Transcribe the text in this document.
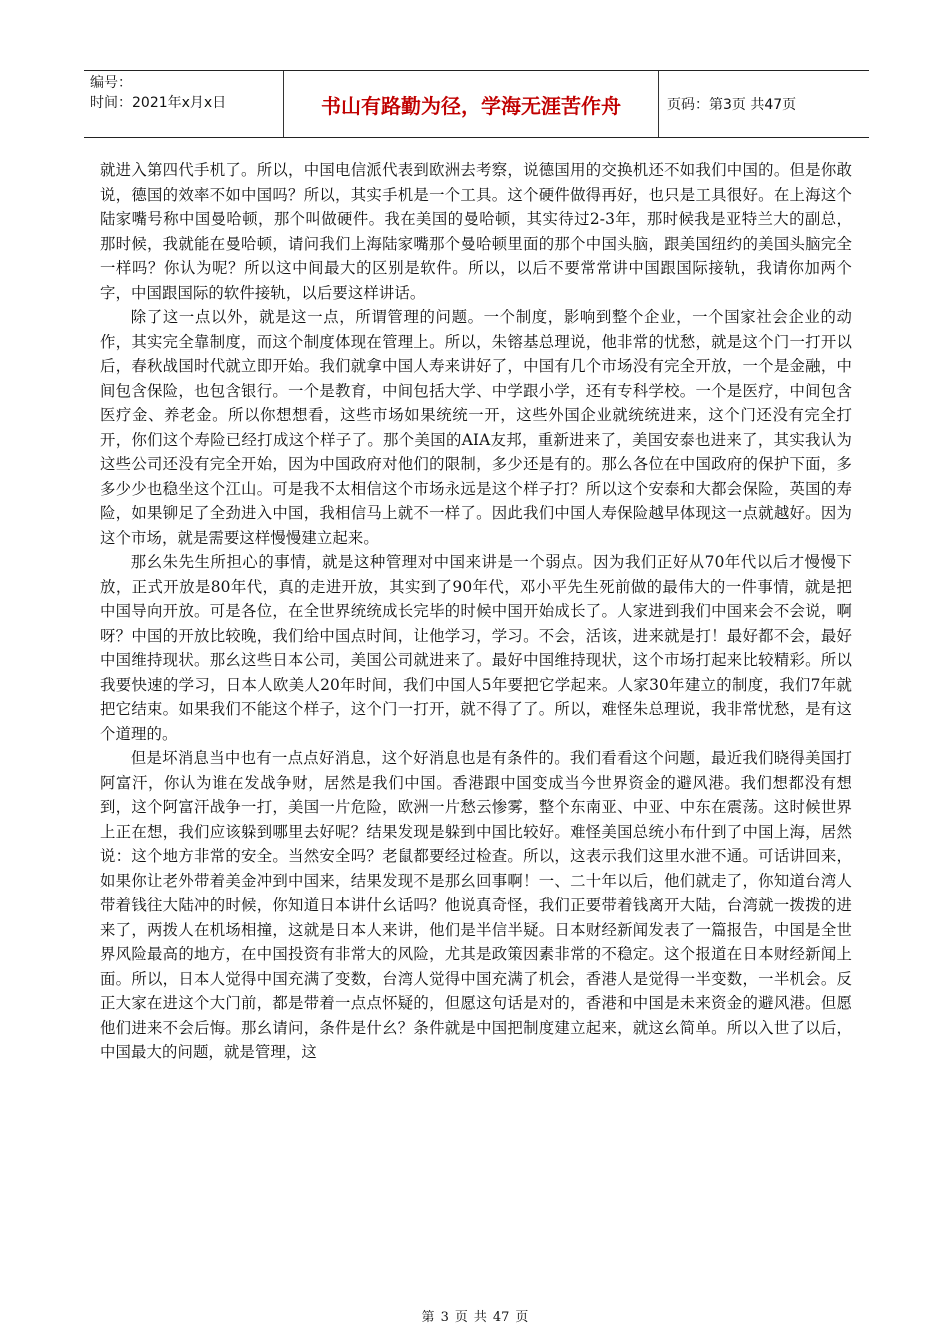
编号：
时间：2021年x月x日	书山有路勤为径，学海无涯苦作舟	页码：第3页 共47页

就进入第四代手机了。所以，中国电信派代表到欧洲去考察，说德国用的交换机还不如我们中国的。但是你敢说，德国的效率不如中国吗？所以，其实手机是一个工具。这个硬件做得再好，也只是工具很好。在上海这个陆家嘴号称中国曼哈顿，那个叫做硬件。我在美国的曼哈顿，其实待过2-3年，那时候我是亚特兰大的副总，那时候，我就能在曼哈顿，请问我们上海陆家嘴那个曼哈顿里面的那个中国头脑，跟美国纽约的美国头脑完全一样吗？你认为呢？所以这中间最大的区别是软件。所以，以后不要常常讲中国跟国际接轨，我请你加两个字，中国跟国际的软件接轨，以后要这样讲话。

除了这一点以外，就是这一点，所谓管理的问题。一个制度，影响到整个企业，一个国家社会企业的动作，其实完全靠制度，而这个制度体现在管理上。所以，朱镕基总理说，他非常的忧愁，就是这个门一打开以后，春秋战国时代就立即开始。我们就拿中国人寿来讲好了，中国有几个市场没有完全开放，一个是金融，中间包含保险，也包含银行。一个是教育，中间包括大学、中学跟小学，还有专科学校。一个是医疗，中间包含医疗金、养老金。所以你想想看，这些市场如果统统一开，这些外国企业就统统进来，这个门还没有完全打开，你们这个寿险已经打成这个样子了。那个美国的AIA友邦，重新进来了，美国安泰也进来了，其实我认为这些公司还没有完全开始，因为中国政府对他们的限制，多少还是有的。那么各位在中国政府的保护下面，多多少少也稳坐这个江山。可是我不太相信这个市场永远是这个样子打？所以这个安泰和大都会保险，英国的寿险，如果铆足了全劲进入中国，我相信马上就不一样了。因此我们中国人寿保险越早体现这一点就越好。因为这个市场，就是需要这样慢慢建立起来。

那幺朱先生所担心的事情，就是这种管理对中国来讲是一个弱点。因为我们正好从70年代以后才慢慢下放，正式开放是80年代，真的走进开放，其实到了90年代，邓小平先生死前做的最伟大的一件事情，就是把中国导向开放。可是各位，在全世界统统成长完毕的时候中国开始成长了。人家进到我们中国来会不会说，啊呀？中国的开放比较晚，我们给中国点时间，让他学习，学习。不会，活该，进来就是打！最好都不会，最好中国维持现状。那幺这些日本公司，美国公司就进来了。最好中国维持现状，这个市场打起来比较精彩。所以我要快速的学习，日本人欧美人20年时间，我们中国人5年要把它学起来。人家30年建立的制度，我们7年就把它结束。如果我们不能这个样子，这个门一打开，就不得了了。所以，难怪朱总理说，我非常忧愁，是有这个道理的。

但是坏消息当中也有一点点好消息，这个好消息也是有条件的。我们看看这个问题，最近我们晓得美国打阿富汗，你认为谁在发战争财，居然是我们中国。香港跟中国变成当今世界资金的避风港。我们想都没有想到，这个阿富汗战争一打，美国一片危险，欧洲一片愁云惨雾，整个东南亚、中亚、中东在震荡。这时候世界上正在想，我们应该躲到哪里去好呢？结果发现是躲到中国比较好。难怪美国总统小布什到了中国上海，居然说：这个地方非常的安全。当然安全吗？老鼠都要经过检查。所以，这表示我们这里水泄不通。可话讲回来，如果你让老外带着美金冲到中国来，结果发现不是那幺回事啊！一、二十年以后，他们就走了，你知道台湾人带着钱往大陆冲的时候，你知道日本讲什幺话吗？他说真奇怪，我们正要带着钱离开大陆，台湾就一拨拨的进来了，两拨人在机场相撞，这就是日本人来讲，他们是半信半疑。日本财经新闻发表了一篇报告，中国是全世界风险最高的地方，在中国投资有非常大的风险，尤其是政策因素非常的不稳定。这个报道在日本财经新闻上面。所以，日本人觉得中国充满了变数，台湾人觉得中国充满了机会，香港人是觉得一半变数，一半机会。反正大家在进这个大门前，都是带着一点点怀疑的，但愿这句话是对的，香港和中国是未来资金的避风港。但愿他们进来不会后悔。那幺请问，条件是什幺？条件就是中国把制度建立起来，就这幺简单。所以入世了以后，中国最大的问题，就是管理，这

第 3 页 共 47 页
